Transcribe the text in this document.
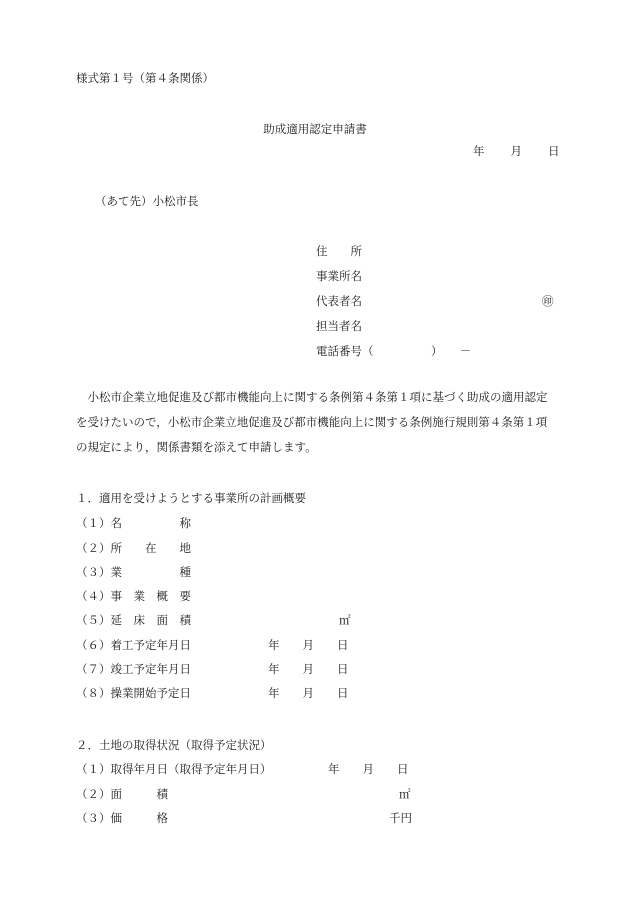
様式第１号（第４条関係）
助成適用認定申請書
年 月 日
（あて先）小松市長
住　　所
事業所名
代表者名	㊞
担当者名
電話番号（　　　　　）　　－
小松市企業立地促進及び都市機能向上に関する条例第４条第１項に基づく助成の適用認定を受けたいので，小松市企業立地促進及び都市機能向上に関する条例施行規則第４条第１項の規定により，関係書類を添えて申請します。
１．適用を受けようとする事業所の計画概要
（１）名　　　　　称
（２）所　　在　　地
（３）業　　　　　種
（４）事　業　概　要
（５）延　床　面　積	㎡
（６）着工予定年月日	年　　月　　日
（７）竣工予定年月日	年　　月　　日
（８）操業開始予定日	年　　月　　日
２．土地の取得状況（取得予定状況）
（１）取得年月日（取得予定年月日）	年　　月　　日
（２）面　　　積	㎡
（３）価　　　格	千円
